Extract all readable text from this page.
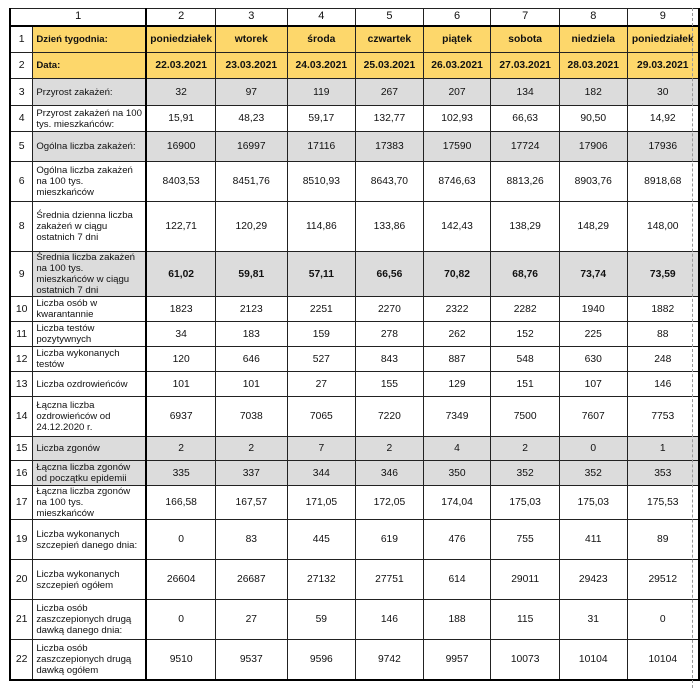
1		2	3	4	5	6	7	8	9
1	Dzień tygodnia:	poniedziałek	wtorek	środa	czwartek	piątek	sobota	niedziela	poniedziałek
2	Data:	22.03.2021	23.03.2021	24.03.2021	25.03.2021	26.03.2021	27.03.2021	28.03.2021	29.03.2021
3	Przyrost zakażeń:	32	97	119	267	207	134	182	30
4	Przyrost zakażeń na 100 tys. mieszkańców:	15,91	48,23	59,17	132,77	102,93	66,63	90,50	14,92
5	Ogólna liczba zakażeń:	16900	16997	17116	17383	17590	17724	17906	17936
6	Ogólna liczba zakażeń na 100 tys. mieszkańców	8403,53	8451,76	8510,93	8643,70	8746,63	8813,26	8903,76	8918,68
8	Średnia dzienna liczba zakażeń w ciągu ostatnich 7 dni	122,71	120,29	114,86	133,86	142,43	138,29	148,29	148,00
9	Średnia liczba zakażeń na 100 tys. mieszkańców w ciągu ostatnich 7 dni	61,02	59,81	57,11	66,56	70,82	68,76	73,74	73,59
10	Liczba osób w kwarantannie	1823	2123	2251	2270	2322	2282	1940	1882
11	Liczba testów pozytywnych	34	183	159	278	262	152	225	88
12	Liczba wykonanych testów	120	646	527	843	887	548	630	248
13	Liczba ozdrowieńców	101	101	27	155	129	151	107	146
14	Łączna liczba ozdrowieńców od 24.12.2020 r.	6937	7038	7065	7220	7349	7500	7607	7753
15	Liczba zgonów	2	2	7	2	4	2	0	1
16	Łączna liczba zgonów od początku epidemii	335	337	344	346	350	352	352	353
17	Łączna liczba zgonów na 100 tys. mieszkańców	166,58	167,57	171,05	172,05	174,04	175,03	175,03	175,53
19	Liczba wykonanych szczepień danego dnia:	0	83	445	619	476	755	411	89
20	Liczba wykonanych szczepień ogółem	26604	26687	27132	27751	614	29011	29423	29512
21	Liczba osób zaszczepionych drugą dawką danego dnia:	0	27	59	146	188	115	31	0
22	Liczba osób zaszczepionych drugą dawką ogółem	9510	9537	9596	9742	9957	10073	10104	10104
